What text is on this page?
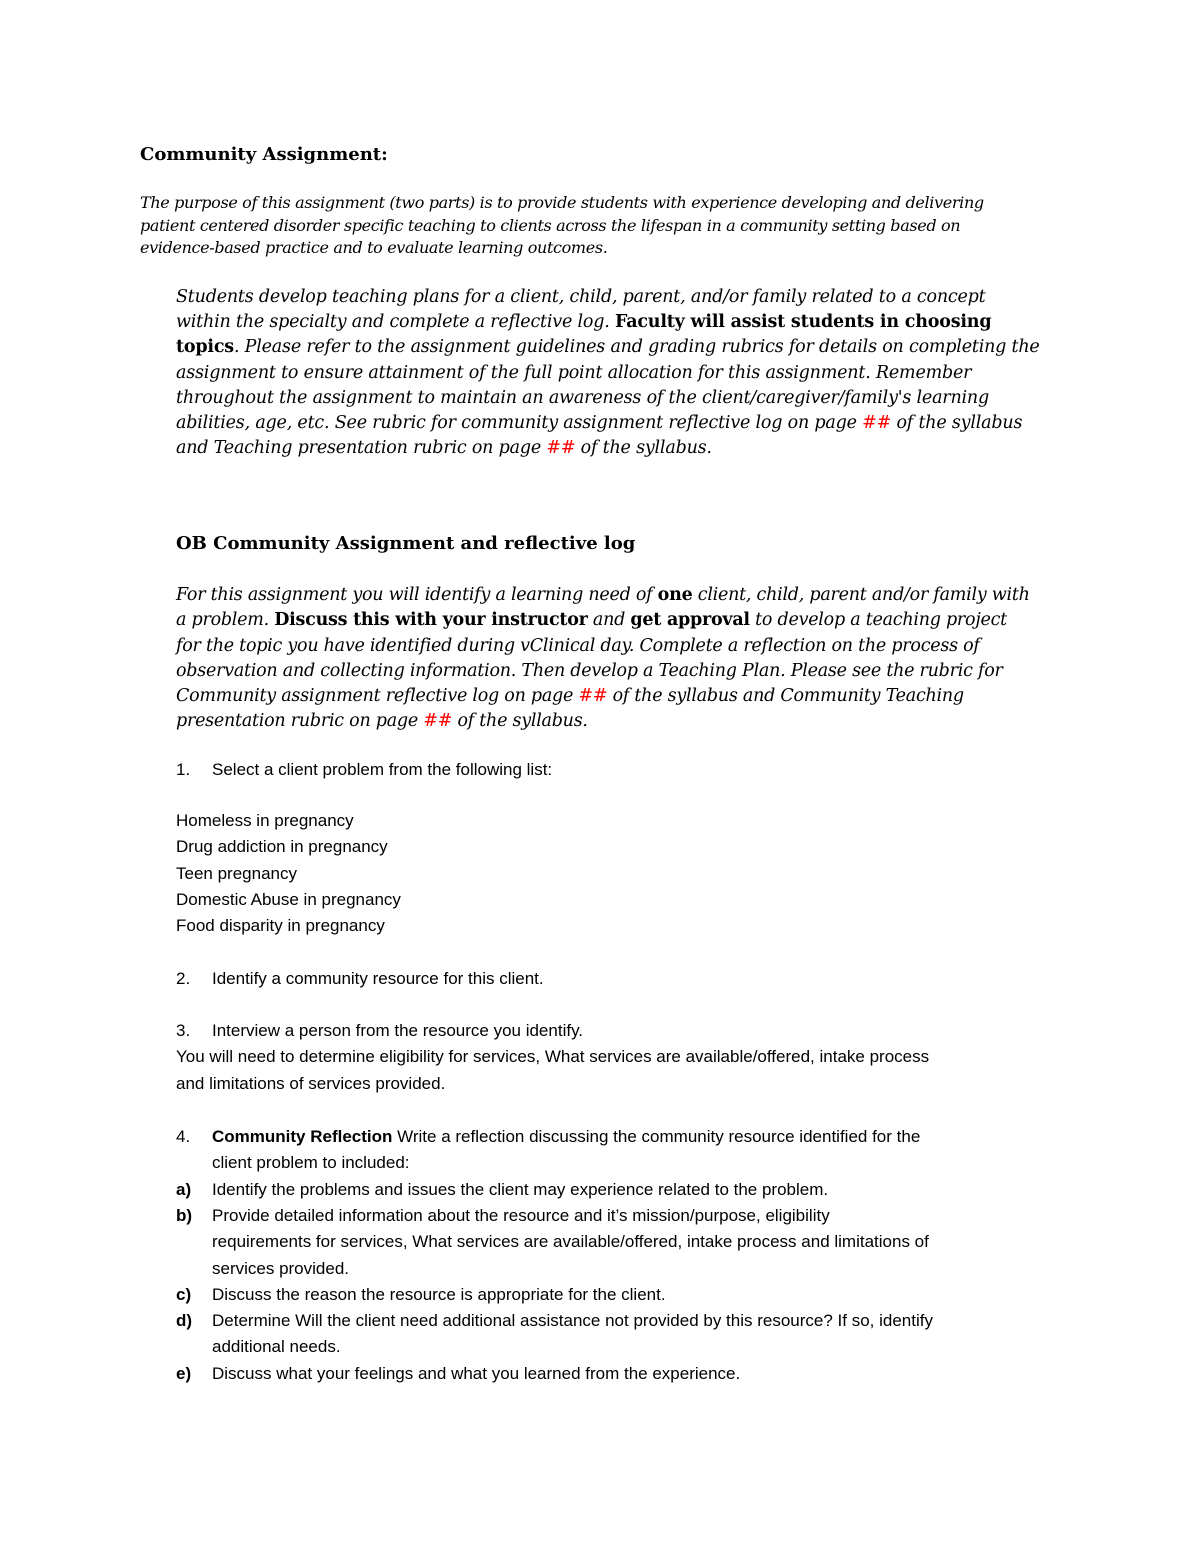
Community Assignment:

The purpose of this assignment (two parts) is to provide students with experience developing and delivering

patient centered disorder specific teaching to clients across the lifespan in a community setting based on

evidence-based practice and to evaluate learning outcomes.

Students develop teaching plans for a client, child, parent, and/or family related to a concept

within the specialty and complete a reflective log. Faculty will assist students in choosing

topics. Please refer to the assignment guidelines and grading rubrics for details on completing the

assignment to ensure attainment of the full point allocation for this assignment. Remember

throughout the assignment to maintain an awareness of the client/caregiver/family's learning

abilities, age, etc. See rubric for community assignment reflective log on page ## of the syllabus

and Teaching presentation rubric on page ## of the syllabus.

OB Community Assignment and reflective log

For this assignment you will identify a learning need of one client, child, parent and/or family with

a problem. Discuss this with your instructor and get approval to develop a teaching project

for the topic you have identified during vClinical day. Complete a reflection on the process of

observation and collecting information. Then develop a Teaching Plan. Please see the rubric for

Community assignment reflective log on page ## of the syllabus and Community Teaching

presentation rubric on page ## of the syllabus.

1. Select a client problem from the following list:

Homeless in pregnancy

Drug addiction in pregnancy

Teen pregnancy

Domestic Abuse in pregnancy

Food disparity in pregnancy

2. Identify a community resource for this client.

3. Interview a person from the resource you identify.

You will need to determine eligibility for services, What services are available/offered, intake process

and limitations of services provided.

4. Community Reflection Write a reflection discussing the community resource identified for the

client problem to included:

a) Identify the problems and issues the client may experience related to the problem.

b) Provide detailed information about the resource and it’s mission/purpose, eligibility

requirements for services, What services are available/offered, intake process and limitations of

services provided.

c) Discuss the reason the resource is appropriate for the client.

d) Determine Will the client need additional assistance not provided by this resource? If so, identify

additional needs.

e) Discuss what your feelings and what you learned from the experience.
